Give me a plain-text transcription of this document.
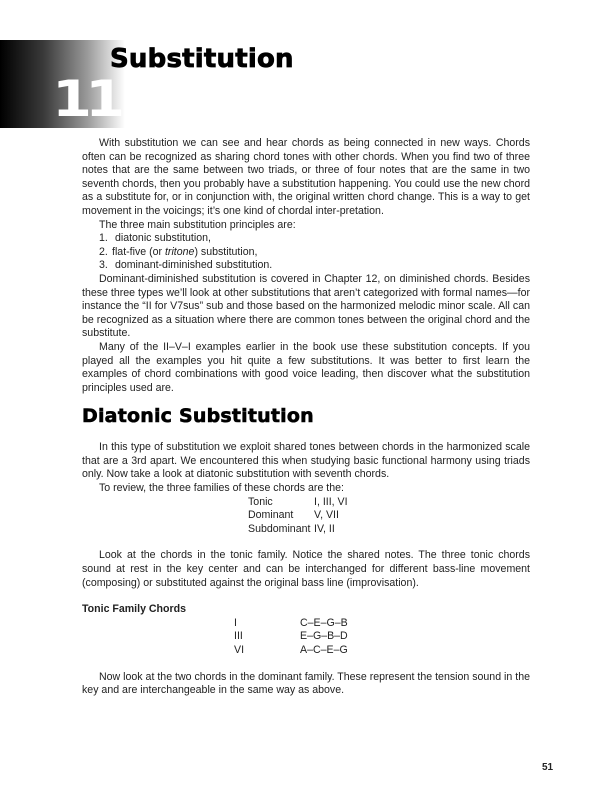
11
Substitution

With substitution we can see and hear chords as being connected in new ways. Chords often can be recognized as sharing chord tones with other chords. When you find two of three notes that are the same between two triads, or three of four notes that are the same in two seventh chords, then you probably have a substitution happening. You could use the new chord as a substitute for, or in conjunction with, the original written chord change. This is a way to get movement in the voicings; it’s one kind of chordal inter-pretation.

The three main substitution principles are:

1. diatonic substitution,
2. flat-five (or tritone) substitution,
3. dominant-diminished substitution.

Dominant-diminished substitution is covered in Chapter 12, on diminished chords. Besides these three types we’ll look at other substitutions that aren’t categorized with formal names—for instance the “II for V7sus” sub and those based on the harmonized melodic minor scale. All can be recognized as a situation where there are common tones between the original chord and the substitute.

Many of the II–V–I examples earlier in the book use these substitution concepts. If you played all the examples you hit quite a few substitutions. It was better to first learn the examples of chord combinations with good voice leading, then discover what the substitution principles used are.

Diatonic Substitution

In this type of substitution we exploit shared tones between chords in the harmonized scale that are a 3rd apart. We encountered this when studying basic functional harmony using triads only. Now take a look at diatonic substitution with seventh chords.

To review, the three families of these chords are the:

Tonic	I, III, VI
Dominant	V, VII
Subdominant	IV, II

Look at the chords in the tonic family. Notice the shared notes. The three tonic chords sound at rest in the key center and can be interchanged for different bass-line movement (composing) or substituted against the original bass line (improvisation).

Tonic Family Chords

I	C–E–G–B
III	E–G–B–D
VI	A–C–E–G

Now look at the two chords in the dominant family. These represent the tension sound in the key and are interchangeable in the same way as above.

51
